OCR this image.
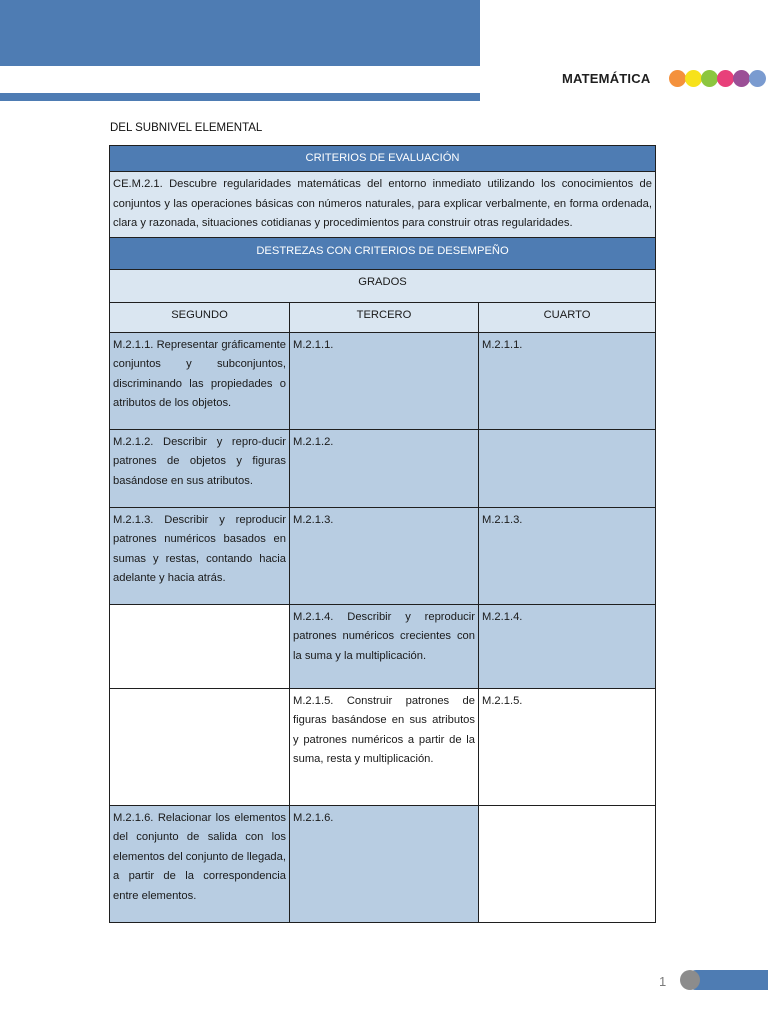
MATEMÁTICA
DEL SUBNIVEL ELEMENTAL
CRITERIOS DE EVALUACIÓN		
CE.M.2.1. Descubre regularidades matemáticas del entorno inmediato utilizando los conocimientos de conjuntos y las operaciones básicas con números naturales, para explicar verbalmente, en forma ordenada, clara y razonada, situaciones cotidianas y procedimientos para construir otras regularidades.		
DESTREZAS CON CRITERIOS DE DESEMPEÑO		
GRADOS		
SEGUNDO	TERCERO	CUARTO
M.2.1.1. Representar gráficamente conjuntos y subconjuntos, discriminando las propiedades o atributos de los objetos.	M.2.1.1.	M.2.1.1.
M.2.1.2. Describir y repro-ducir patrones de objetos y figuras basándose en sus atributos.	M.2.1.2.	
M.2.1.3. Describir y reproducir patrones numéricos basados en sumas y restas, contando hacia adelante y hacia atrás.	M.2.1.3.	M.2.1.3.
	M.2.1.4. Describir y reproducir patrones numéricos crecientes con la suma y la multiplicación.	M.2.1.4.
	M.2.1.5. Construir patrones de figuras basándose en sus atributos y patrones numéricos a partir de la suma, resta y multiplicación.	M.2.1.5.
M.2.1.6. Relacionar los elementos del conjunto de salida con los elementos del conjunto de llegada, a partir de la correspondencia entre elementos.	M.2.1.6.	
1
